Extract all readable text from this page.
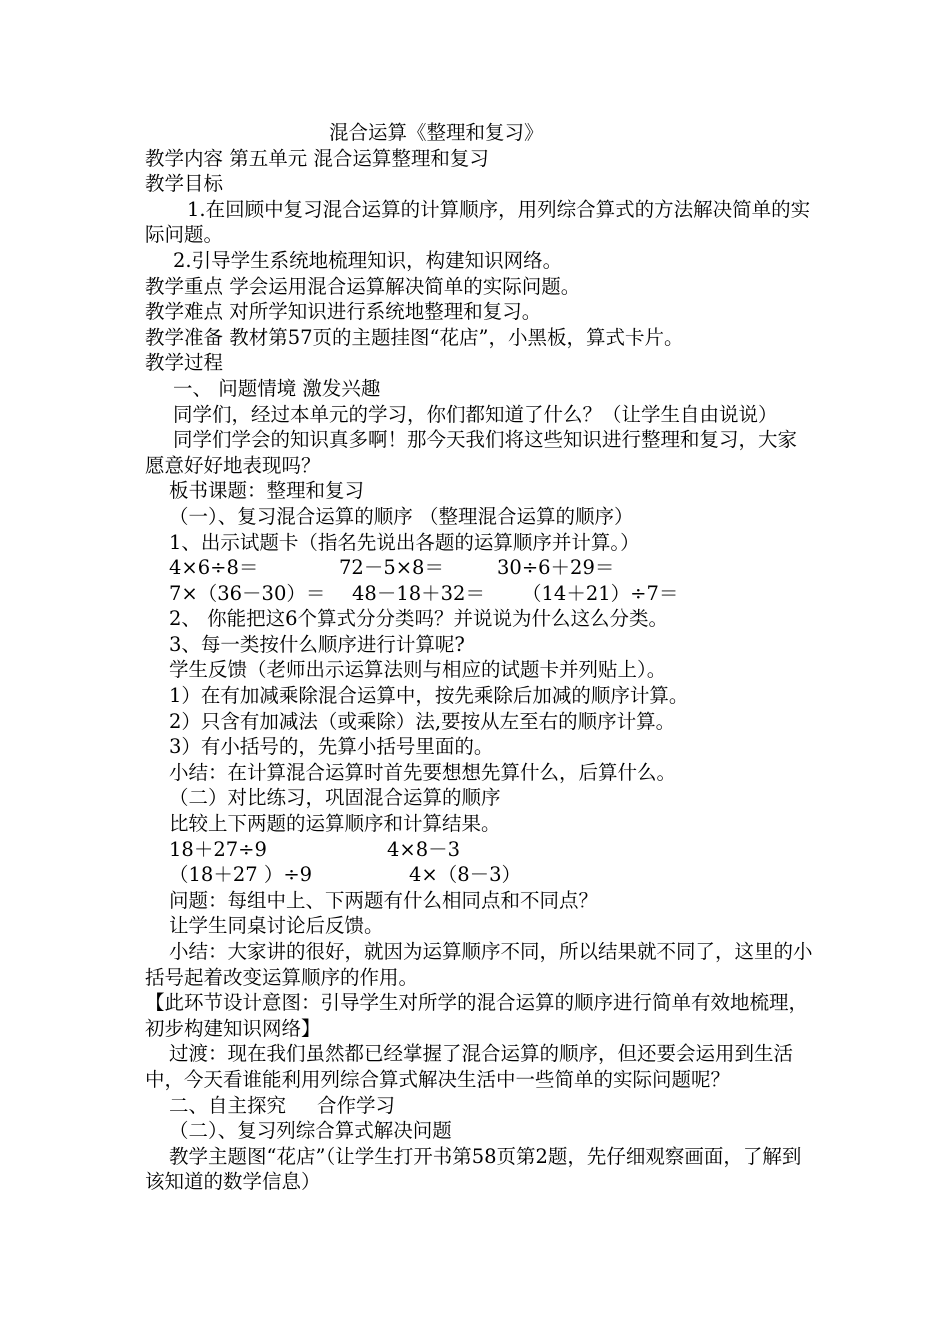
混合运算《整理和复习》

教学内容 第五单元 混合运算整理和复习

教学目标

1.在回顾中复习混合运算的计算顺序，用列综合算式的方法解决简单的实际问题。

2.引导学生系统地梳理知识，构建知识网络。

教学重点 学会运用混合运算解决简单的实际问题。

教学难点 对所学知识进行系统地整理和复习。

教学准备 教材第57页的主题挂图“花店”，小黑板，算式卡片。

教学过程

一、 问题情境 激发兴趣

同学们，经过本单元的学习，你们都知道了什么？（让学生自由说说）

同学们学会的知识真多啊！那今天我们将这些知识进行整理和复习，大家愿意好好地表现吗？

板书课题：整理和复习

（一）、复习混合运算的顺序 （整理混合运算的顺序）

1、出示试题卡（指名先说出各题的运算顺序并计算。）

4×6÷8＝	72－5×8＝	30÷6＋29＝
7×（36－30）＝	48－18＋32＝	（14＋21）÷7＝

2、 你能把这6个算式分分类吗？并说说为什么这么分类。

3、每一类按什么顺序进行计算呢?

学生反馈（老师出示运算法则与相应的试题卡并列贴上）。

1）在有加减乘除混合运算中，按先乘除后加减的顺序计算。

2）只含有加减法（或乘除）法,要按从左至右的顺序计算。

3）有小括号的，先算小括号里面的。

小结：在计算混合运算时首先要想想先算什么，后算什么。

（二）对比练习，巩固混合运算的顺序

比较上下两题的运算顺序和计算结果。

18＋27÷9	4×8－3
（18＋27 ）÷9	4×（8－3）

问题：每组中上、下两题有什么相同点和不同点？

让学生同桌讨论后反馈。

小结：大家讲的很好，就因为运算顺序不同，所以结果就不同了，这里的小括号起着改变运算顺序的作用。

【此环节设计意图：引导学生对所学的混合运算的顺序进行简单有效地梳理，初步构建知识网络】

过渡：现在我们虽然都已经掌握了混合运算的顺序，但还要会运用到生活中，今天看谁能利用列综合算式解决生活中一些简单的实际问题呢？

二、自主探究     合作学习

（二）、复习列综合算式解决问题

教学主题图“花店”（让学生打开书第58页第2题，先仔细观察画面，了解到该知道的数学信息）
